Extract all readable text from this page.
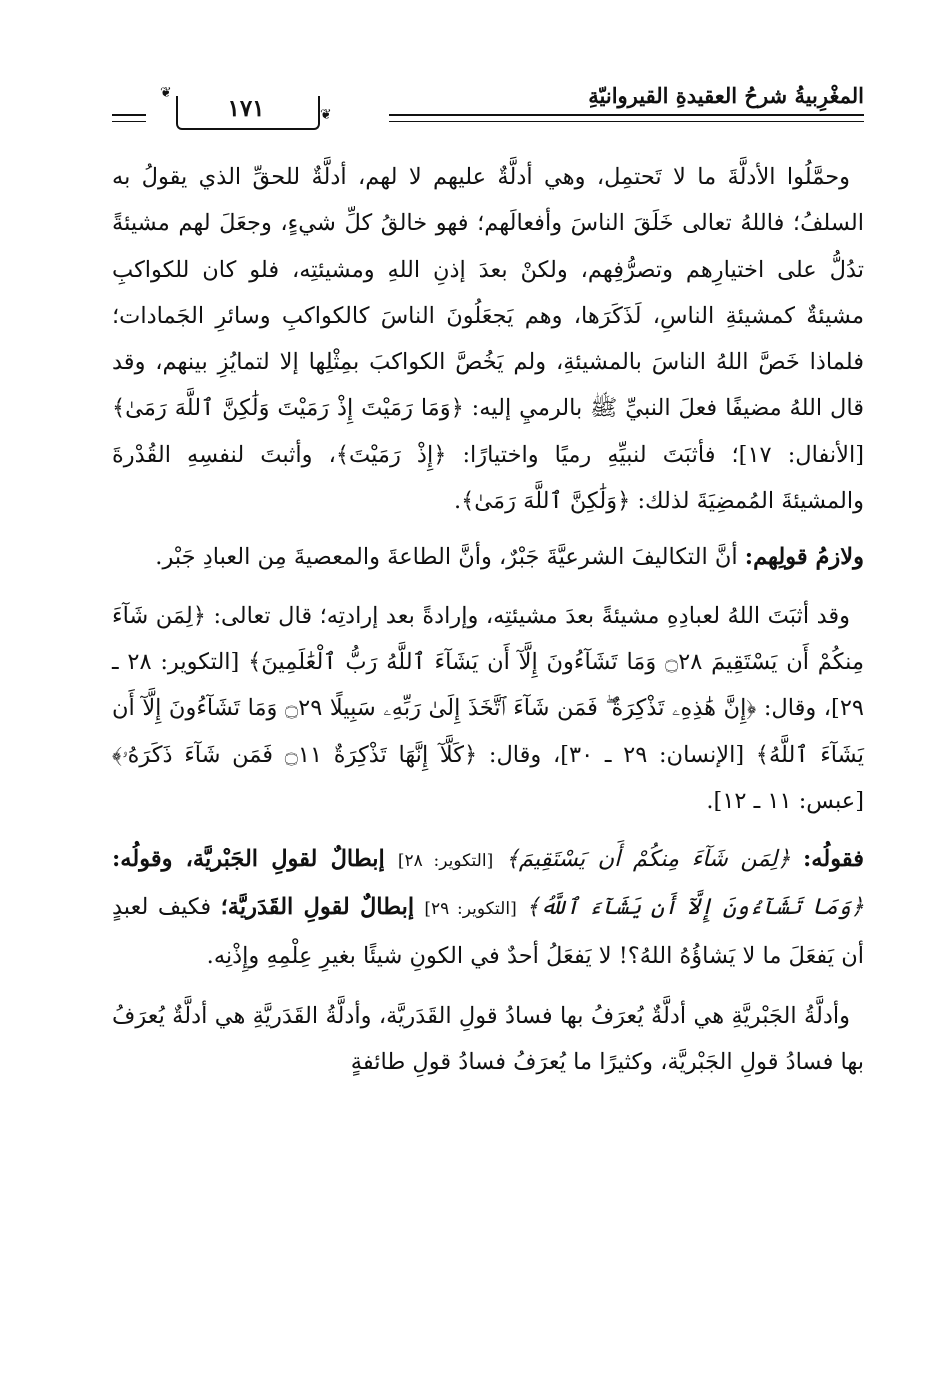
المغْرِبيةُ شرحُ العقيدةِ القيروانيّةِ
❦
❦
١٧١

وحمَّلُوا الأدلَّةَ ما لا تَحتمِل، وهي أدلَّةٌ عليهم لا لهم، أدلَّةٌ للحقِّ الذي يقولُ به السلفُ؛ فاللهُ تعالى خَلَقَ الناسَ وأفعالَهم؛ فهو خالقُ كلِّ شيءٍ، وجعَلَ لهم مشيئةً تدُلُّ على اختيارِهم وتصرُّفِهم، ولكنْ بعدَ إذنِ اللهِ ومشيئتِه، فلو كان للكواكبِ مشيئةٌ كمشيئةِ الناسِ، لَذَكَرَها، وهم يَجعَلُونَ الناسَ كالكواكبِ وسائرِ الجَمادات؛ فلماذا خَصَّ اللهُ الناسَ بالمشيئةِ، ولم يَخُصَّ الكواكبَ بمِثْلِها إلا لتمايُزِ بينهم، وقد قال اللهُ مضيفًا فعلَ النبيِّ ﷺ بالرميِ إليه: ﴿وَمَا رَمَيْتَ إِذْ رَمَيْتَ وَلَٰكِنَّ ٱللَّهَ رَمَىٰ﴾ [الأنفال: ١٧]؛ فأثبَتَ لنبيِّهِ رميًا واختيارًا: ﴿إِذْ رَمَيْتَ﴾، وأثبتَ لنفسِهِ القُدْرةَ والمشيئةَ المُمضِيَةَ لذلك: ﴿وَلَٰكِنَّ ٱللَّهَ رَمَىٰ﴾.

ولازمُ قولِهم: أنَّ التكاليفَ الشرعيَّةَ جَبْرٌ، وأنَّ الطاعةَ والمعصيةَ مِن العبادِ جَبْر.

وقد أثبَتَ اللهُ لعبادِهِ مشيئةً بعدَ مشيئتِه، وإرادةً بعد إرادتِه؛ قال تعالى: ﴿لِمَن شَآءَ مِنكُمْ أَن يَسْتَقِيمَ ۝٢٨ وَمَا تَشَآءُونَ إِلَّآ أَن يَشَآءَ ٱللَّهُ رَبُّ ٱلْعَٰلَمِينَ﴾ [التكوير: ٢٨ ـ ٢٩]، وقال: ﴿إِنَّ هَٰذِهِۦ تَذْكِرَةٌ ۖ فَمَن شَآءَ ٱتَّخَذَ إِلَىٰ رَبِّهِۦ سَبِيلًا ۝٢٩ وَمَا تَشَآءُونَ إِلَّآ أَن يَشَآءَ ٱللَّهُ﴾ [الإنسان: ٢٩ ـ ٣٠]، وقال: ﴿كَلَّآ إِنَّهَا تَذْكِرَةٌ ۝١١ فَمَن شَآءَ ذَكَرَهُۥ﴾ [عبس: ١١ ـ ١٢].

فقولُه: ﴿لِمَن شَآءَ مِنكُمْ أَن يَسْتَقِيمَ﴾ [التكوير: ٢٨] إبطالٌ لقولِ الجَبْريَّة، وقولُه: ﴿وَمَا تَشَآءُونَ إِلَّآ أَن يَشَآءَ ٱللَّهُ﴾ [التكوير: ٢٩] إبطالٌ لقولِ القَدَريَّة؛ فكيف لعبدٍ أن يَفعَلَ ما لا يَشاؤُهُ اللهُ؟! لا يَفعَلُ أحدٌ في الكونِ شيئًا بغيرِ عِلْمِهِ وإِذْنِه.

وأدلَّةُ الجَبْريَّةِ هي أدلَّةٌ يُعرَفُ بها فسادُ قولِ القَدَريَّة، وأدلَّةُ القَدَريَّةِ هي أدلَّةٌ يُعرَفُ بها فسادُ قولِ الجَبْريَّة، وكثيرًا ما يُعرَفُ فسادُ قولِ طائفةٍ
